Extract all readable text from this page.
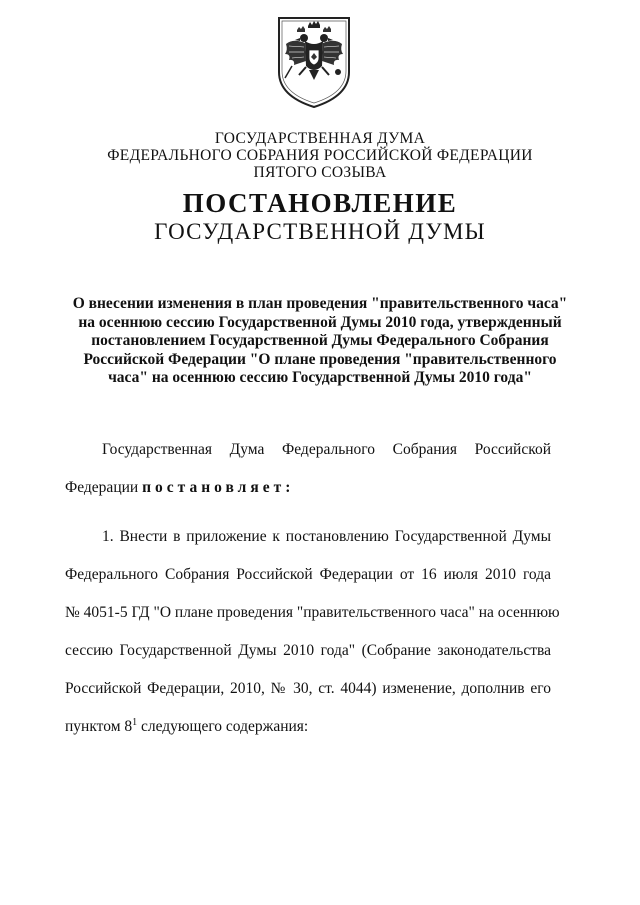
ГОСУДАРСТВЕННАЯ ДУМА
ФЕДЕРАЛЬНОГО СОБРАНИЯ РОССИЙСКОЙ ФЕДЕРАЦИИ
ПЯТОГО СОЗЫВА
ПОСТАНОВЛЕНИЕ
ГОСУДАРСТВЕННОЙ ДУМЫ
О внесении изменения в план проведения "правительственного часа"
на осеннюю сессию Государственной Думы 2010 года, утвержденный
постановлением Государственной Думы Федерального Собрания
Российской Федерации "О плане проведения "правительственного
часа" на осеннюю сессию Государственной Думы 2010 года"
Государственная Дума Федерального Собрания Российской
Федерации постановляет:
1. Внести в приложение к постановлению Государственной Думы
Федерального Собрания Российской Федерации от 16 июля 2010 года
№ 4051-5 ГД "О плане проведения "правительственного часа" на осеннюю
сессию Государственной Думы 2010 года" (Собрание законодательства
Российской Федерации, 2010, № 30, ст. 4044) изменение, дополнив его
пунктом $8^1$ следующего содержания:
